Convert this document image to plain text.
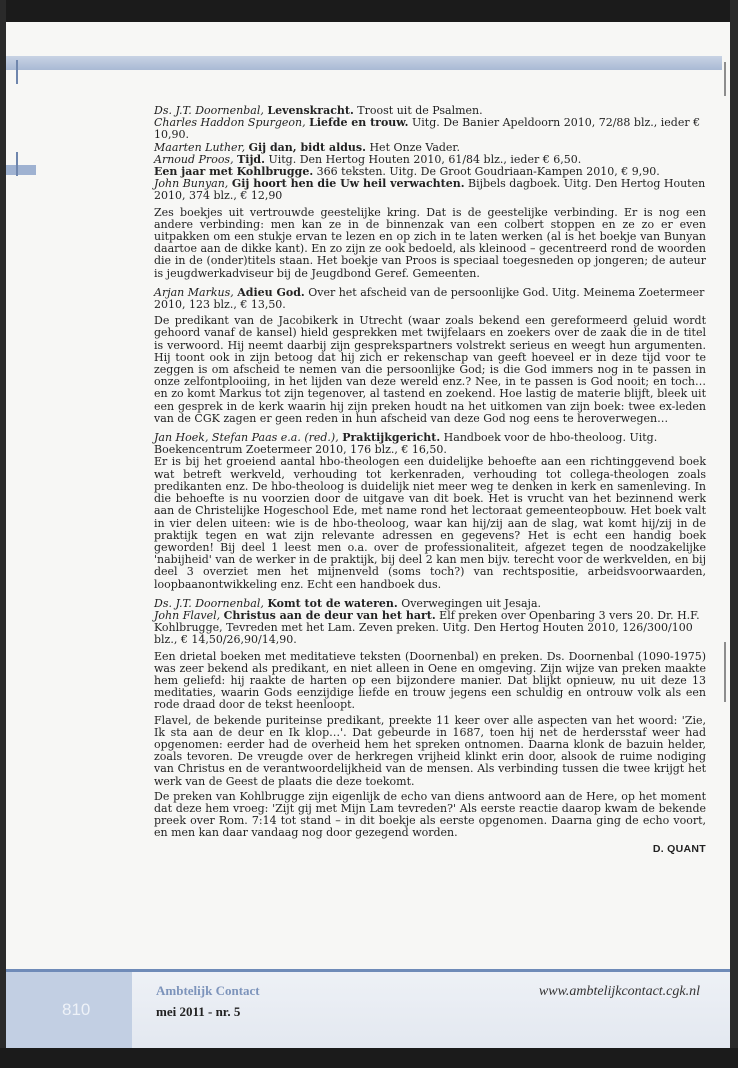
Ds. J.T. Doornenbal, Levenskracht. Troost uit de Psalmen.

Charles Haddon Spurgeon, Liefde en trouw. Uitg. De Banier Apeldoorn 2010, 72/88 blz., ieder € 10,90.

Maarten Luther, Gij dan, bidt aldus. Het Onze Vader.

Arnoud Proos, Tijd. Uitg. Den Hertog Houten 2010, 61/84 blz., ieder € 6,50.

Een jaar met Kohlbrugge. 366 teksten. Uitg. De Groot Goudriaan-Kampen 2010, € 9,90.

John Bunyan, Gij hoort hen die Uw heil verwachten. Bijbels dagboek. Uitg. Den Hertog Houten 2010, 374 blz., € 12,90

Zes boekjes uit vertrouwde geestelijke kring. Dat is de geestelijke verbinding. Er is nog een andere verbinding: men kan ze in de binnenzak van een colbert stoppen en ze zo er even uitpakken om een stukje ervan te lezen en op zich in te laten werken (al is het boekje van Bunyan daartoe aan de dikke kant). En zo zijn ze ook bedoeld, als kleinood – gecentreerd rond de woorden die in de (onder)titels staan. Het boekje van Proos is speciaal toegesneden op jongeren; de auteur is jeugdwerkadviseur bij de Jeugdbond Geref. Gemeenten.

Arjan Markus, Adieu God. Over het afscheid van de persoonlijke God. Uitg. Meinema Zoetermeer 2010, 123 blz., € 13,50.

De predikant van de Jacobikerk in Utrecht (waar zoals bekend een gereformeerd geluid wordt gehoord vanaf de kansel) hield gesprekken met twijfelaars en zoekers over de zaak die in de titel is verwoord. Hij neemt daarbij zijn gesprekspartners volstrekt serieus en weegt hun argumenten. Hij toont ook in zijn betoog dat hij zich er rekenschap van geeft hoeveel er in deze tijd voor te zeggen is om afscheid te nemen van die persoonlijke God; is die God immers nog in te passen in onze zelfontplooiing, in het lijden van deze wereld enz.? Nee, in te passen is God nooit; en toch… en zo komt Markus tot zijn tegenover, al tastend en zoekend. Hoe lastig de materie blijft, bleek uit een gesprek in de kerk waarin hij zijn preken houdt na het uitkomen van zijn boek: twee ex-leden van de CGK zagen er geen reden in hun afscheid van deze God nog eens te heroverwegen…

Jan Hoek, Stefan Paas e.a. (red.), Praktijkgericht. Handboek voor de hbo-theoloog. Uitg. Boekencentrum Zoetermeer 2010, 176 blz., € 16,50.

Er is bij het groeiend aantal hbo-theologen een duidelijke behoefte aan een richtinggevend boek wat betreft werkveld, verhouding tot kerkenraden, verhouding tot collega-theologen zoals predikanten enz. De hbo-theoloog is duidelijk niet meer weg te denken in kerk en samenleving. In die behoefte is nu voorzien door de uitgave van dit boek. Het is vrucht van het bezinnend werk aan de Christelijke Hogeschool Ede, met name rond het lectoraat gemeenteopbouw. Het boek valt in vier delen uiteen: wie is de hbo-theoloog, waar kan hij/zij aan de slag, wat komt hij/zij in de praktijk tegen en wat zijn relevante adressen en gegevens? Het is echt een handig boek geworden! Bij deel 1 leest men o.a. over de professionaliteit, afgezet tegen de noodzakelijke 'nabijheid' van de werker in de praktijk, bij deel 2 kan men bijv. terecht voor de werkvelden, en bij deel 3 overziet men het mijnenveld (soms toch?) van rechtspositie, arbeidsvoorwaarden, loopbaanontwikkeling enz. Echt een handboek dus.

Ds. J.T. Doornenbal, Komt tot de wateren. Overwegingen uit Jesaja.

John Flavel, Christus aan de deur van het hart. Elf preken over Openbaring 3 vers 20. Dr. H.F. Kohlbrugge, Tevreden met het Lam. Zeven preken. Uitg. Den Hertog Houten 2010, 126/300/100 blz., € 14,50/26,90/14,90.

Een drietal boeken met meditatieve teksten (Doornenbal) en preken. Ds. Doornenbal (1090-1975) was zeer bekend als predikant, en niet alleen in Oene en omgeving. Zijn wijze van preken maakte hem geliefd: hij raakte de harten op een bijzondere manier. Dat blijkt opnieuw, nu uit deze 13 meditaties, waarin Gods eenzijdige liefde en trouw jegens een schuldig en ontrouw volk als een rode draad door de tekst heenloopt.

Flavel, de bekende puriteinse predikant, preekte 11 keer over alle aspecten van het woord: 'Zie, Ik sta aan de deur en Ik klop…'. Dat gebeurde in 1687, toen hij net de herdersstaf weer had opgenomen: eerder had de overheid hem het spreken ontnomen. Daarna klonk de bazuin helder, zoals tevoren. De vreugde over de herkregen vrijheid klinkt erin door, alsook de ruime nodiging van Christus en de verantwoordelijkheid van de mensen. Als verbinding tussen die twee krijgt het werk van de Geest de plaats die deze toekomt.

De preken van Kohlbrugge zijn eigenlijk de echo van diens antwoord aan de Here, op het moment dat deze hem vroeg: 'Zijt gij met Mijn Lam tevreden?' Als eerste reactie daarop kwam de bekende preek over Rom. 7:14 tot stand – in dit boekje als eerste opgenomen. Daarna ging de echo voort, en men kan daar vandaag nog door gezegend worden.

D. QUANT
810
Ambtelijk Contact
mei 2011 - nr. 5
www.ambtelijkcontact.cgk.nl
